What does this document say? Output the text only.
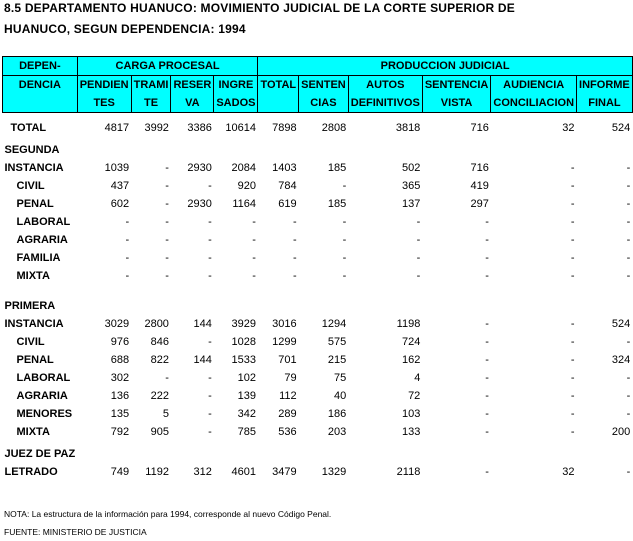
8.5 DEPARTAMENTO HUANUCO: MOVIMIENTO JUDICIAL DE LA CORTE SUPERIOR DE
HUANUCO, SEGUN DEPENDENCIA: 1994
DEPEN-	CARGA PROCESAL				PRODUCCION JUDICIAL					
DENCIA	PENDIEN	TRAMI	RESER	INGRE	TOTAL	SENTEN	AUTOS	SENTENCIA	AUDIENCIA	INFORME
	TES	TE	VA	SADOS		CIAS	DEFINITIVOS	VISTA	CONCILIACION	FINAL

TOTAL	4817	3992	3386	10614	7898	2808	3818	716	32	524

SEGUNDA										
INSTANCIA	1039	-	2930	2084	1403	185	502	716	-	-
CIVIL	437	-	-	920	784	-	365	419	-	-
PENAL	602	-	2930	1164	619	185	137	297	-	-
LABORAL	-	-	-	-	-	-	-	-	-	-
AGRARIA	-	-	-	-	-	-	-	-	-	-
FAMILIA	-	-	-	-	-	-	-	-	-	-
MIXTA	-	-	-	-	-	-	-	-	-	-

PRIMERA										
INSTANCIA	3029	2800	144	3929	3016	1294	1198	-	-	524
CIVIL	976	846	-	1028	1299	575	724	-	-	-
PENAL	688	822	144	1533	701	215	162	-	-	324
LABORAL	302	-	-	102	79	75	4	-	-	-
AGRARIA	136	222	-	139	112	40	72	-	-	-
MENORES	135	5	-	342	289	186	103	-	-	-
MIXTA	792	905	-	785	536	203	133	-	-	200

JUEZ DE PAZ										
LETRADO	749	1192	312	4601	3479	1329	2118	-	32	-
NOTA: La estructura de la información para 1994, corresponde al nuevo Código Penal.
FUENTE: MINISTERIO DE JUSTICIA
